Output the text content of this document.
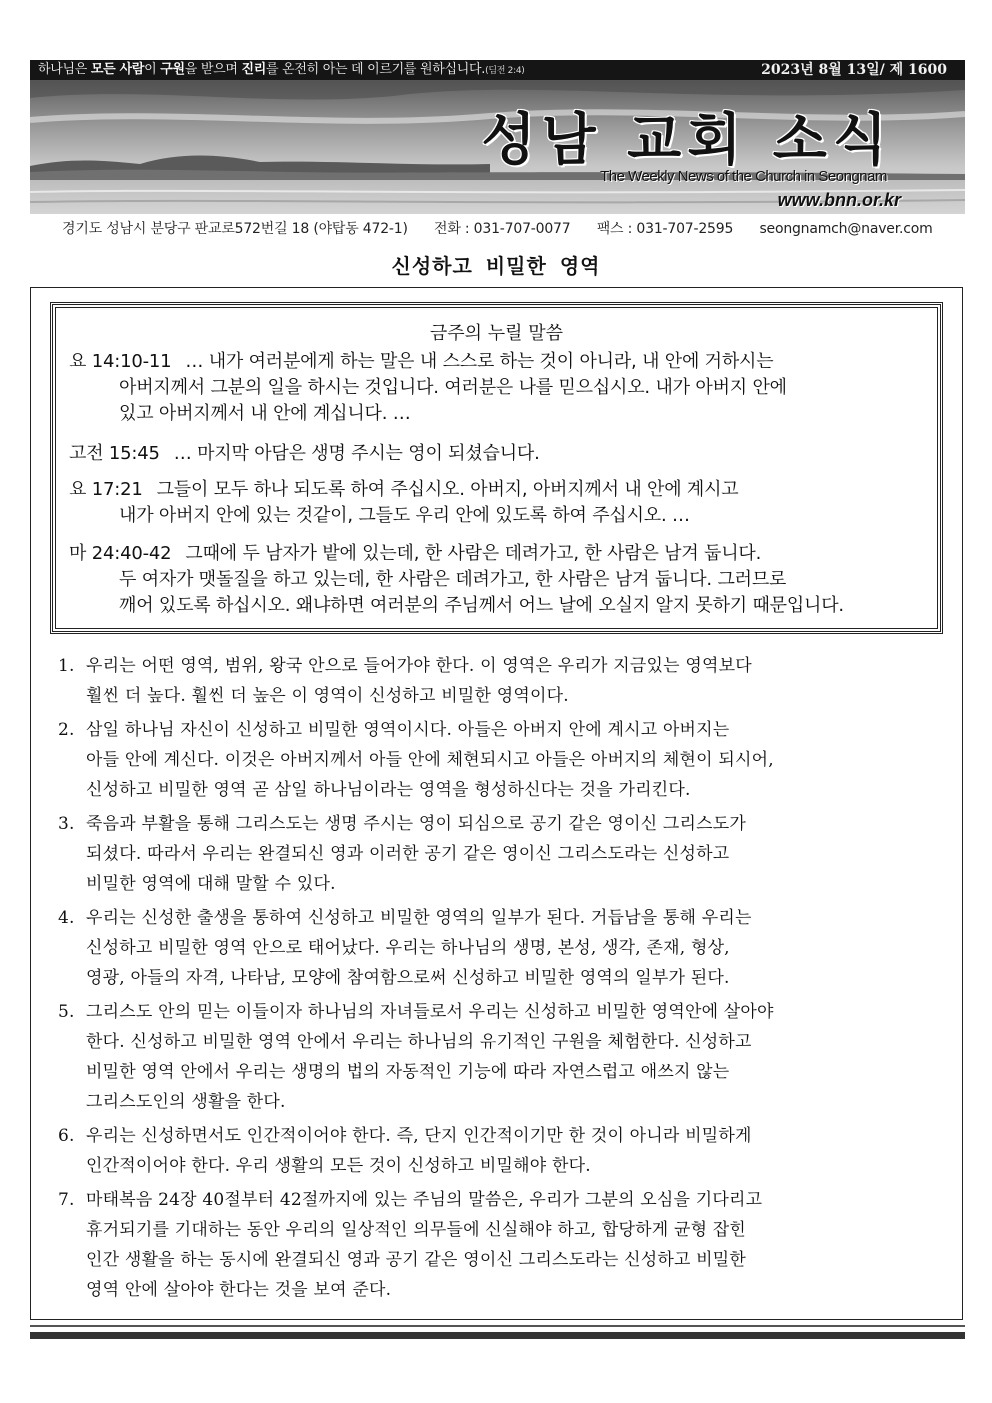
하나님은 모든 사람이 구원을 받으며 진리를 온전히 아는 데 이르기를 원하십니다.(딤전 2:4)	2023년 8월 13일/ 제 1600
성남 교회 소식
The Weekly News of the Church in Seongnam
www.bnn.or.kr
경기도 성남시 분당구 판교로572번길 18 (야탑동 472-1) 전화 : 031-707-0077 팩스 : 031-707-2595 seongnamch@naver.com
신성하고 비밀한 영역
금주의 누릴 말씀
요 14:10-11 … 내가 여러분에게 하는 말은 내 스스로 하는 것이 아니라, 내 안에 거하시는
아버지께서 그분의 일을 하시는 것입니다. 여러분은 나를 믿으십시오. 내가 아버지 안에
있고 아버지께서 내 안에 계십니다. …
고전 15:45 … 마지막 아담은 생명 주시는 영이 되셨습니다.
요 17:21 그들이 모두 하나 되도록 하여 주십시오. 아버지, 아버지께서 내 안에 계시고
내가 아버지 안에 있는 것같이, 그들도 우리 안에 있도록 하여 주십시오. …
마 24:40-42 그때에 두 남자가 밭에 있는데, 한 사람은 데려가고, 한 사람은 남겨 둡니다.
두 여자가 맷돌질을 하고 있는데, 한 사람은 데려가고, 한 사람은 남겨 둡니다. 그러므로
깨어 있도록 하십시오. 왜냐하면 여러분의 주님께서 어느 날에 오실지 알지 못하기 때문입니다.
1. 우리는 어떤 영역, 범위, 왕국 안으로 들어가야 한다. 이 영역은 우리가 지금있는 영역보다
훨씬 더 높다. 훨씬 더 높은 이 영역이 신성하고 비밀한 영역이다.
2. 삼일 하나님 자신이 신성하고 비밀한 영역이시다. 아들은 아버지 안에 계시고 아버지는
아들 안에 계신다. 이것은 아버지께서 아들 안에 체현되시고 아들은 아버지의 체현이 되시어,
신성하고 비밀한 영역 곧 삼일 하나님이라는 영역을 형성하신다는 것을 가리킨다.
3. 죽음과 부활을 통해 그리스도는 생명 주시는 영이 되심으로 공기 같은 영이신 그리스도가
되셨다. 따라서 우리는 완결되신 영과 이러한 공기 같은 영이신 그리스도라는 신성하고
비밀한 영역에 대해 말할 수 있다.
4. 우리는 신성한 출생을 통하여 신성하고 비밀한 영역의 일부가 된다. 거듭남을 통해 우리는
신성하고 비밀한 영역 안으로 태어났다. 우리는 하나님의 생명, 본성, 생각, 존재, 형상,
영광, 아들의 자격, 나타남, 모양에 참여함으로써 신성하고 비밀한 영역의 일부가 된다.
5. 그리스도 안의 믿는 이들이자 하나님의 자녀들로서 우리는 신성하고 비밀한 영역안에 살아야
한다. 신성하고 비밀한 영역 안에서 우리는 하나님의 유기적인 구원을 체험한다. 신성하고
비밀한 영역 안에서 우리는 생명의 법의 자동적인 기능에 따라 자연스럽고 애쓰지 않는
그리스도인의 생활을 한다.
6. 우리는 신성하면서도 인간적이어야 한다. 즉, 단지 인간적이기만 한 것이 아니라 비밀하게
인간적이어야 한다. 우리 생활의 모든 것이 신성하고 비밀해야 한다.
7. 마태복음 24장 40절부터 42절까지에 있는 주님의 말씀은, 우리가 그분의 오심을 기다리고
휴거되기를 기대하는 동안 우리의 일상적인 의무들에 신실해야 하고, 합당하게 균형 잡힌
인간 생활을 하는 동시에 완결되신 영과 공기 같은 영이신 그리스도라는 신성하고 비밀한
영역 안에 살아야 한다는 것을 보여 준다.
